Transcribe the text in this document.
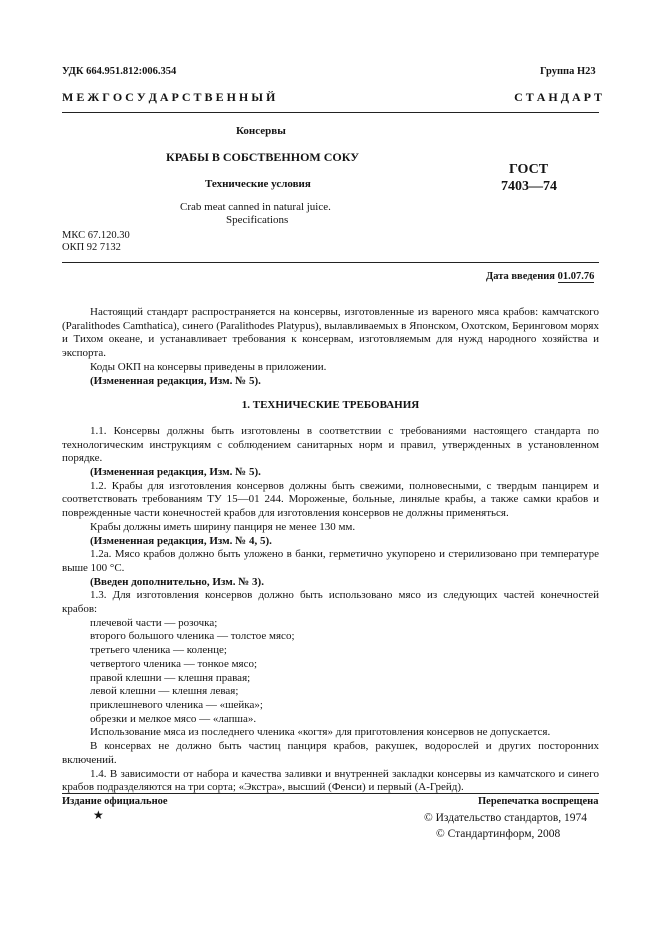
УДК 664.951.812:006.354	Группа Н23
М Е Ж Г О С У Д А Р С Т В Е Н Н Ы Й	С Т А Н Д А Р Т
Консервы
КРАБЫ В СОБСТВЕННОМ СОКУ
Технические условия
Crab meat canned in natural juice.
Specifications
ГОСТ
7403—74
МКС 67.120.30
ОКП 92 7132
Дата введения 01.07.76

Настоящий стандарт распространяется на консервы, изготовленные из вареного мяса крабов: камчатского (Paralithodes Camthatica), синего (Paralithodes Platypus), вылавливаемых в Японском, Охотском, Беринговом морях и Тихом океане, и устанавливает требования к консервам, изготовляемым для нужд народного хозяйства и экспорта.

Коды ОКП на консервы приведены в приложении.

(Измененная редакция, Изм. № 5).

1. ТЕХНИЧЕСКИЕ ТРЕБОВАНИЯ

1.1. Консервы должны быть изготовлены в соответствии с требованиями настоящего стандарта по технологическим инструкциям с соблюдением санитарных норм и правил, утвержденных в установленном порядке.

(Измененная редакция, Изм. № 5).

1.2. Крабы для изготовления консервов должны быть свежими, полновесными, с твердым панцирем и соответствовать требованиям ТУ 15—01 244. Мороженые, больные, линялые крабы, а также самки крабов и поврежденные части конечностей крабов для изготовления консервов не должны применяться.

Крабы должны иметь ширину панциря не менее 130 мм.

(Измененная редакция, Изм. № 4, 5).

1.2а. Мясо крабов должно быть уложено в банки, герметично укупорено и стерилизовано при температуре выше 100 °С.

(Введен дополнительно, Изм. № 3).

1.3. Для изготовления консервов должно быть использовано мясо из следующих частей конечностей крабов:

плечевой части — розочка;

второго большого членика — толстое мясо;

третьего членика — коленце;

четвертого членика — тонкое мясо;

правой клешни — клешня правая;

левой клешни — клешня левая;

приклешневого членика — «шейка»;

обрезки и мелкое мясо — «лапша».

Использование мяса из последнего членика «когтя» для приготовления консервов не допускается.

В консервах не должно быть частиц панциря крабов, ракушек, водорослей и других посторонних включений.

1.4. В зависимости от набора и качества заливки и внутренней закладки консервы из камчатского и синего крабов подразделяются на три сорта; «Экстра», высший (Фенси) и первый (А-Грейд).

Издание официальное	Перепечатка воспрещена
★	© Издательство стандартов, 1974
© Стандартинформ, 2008
